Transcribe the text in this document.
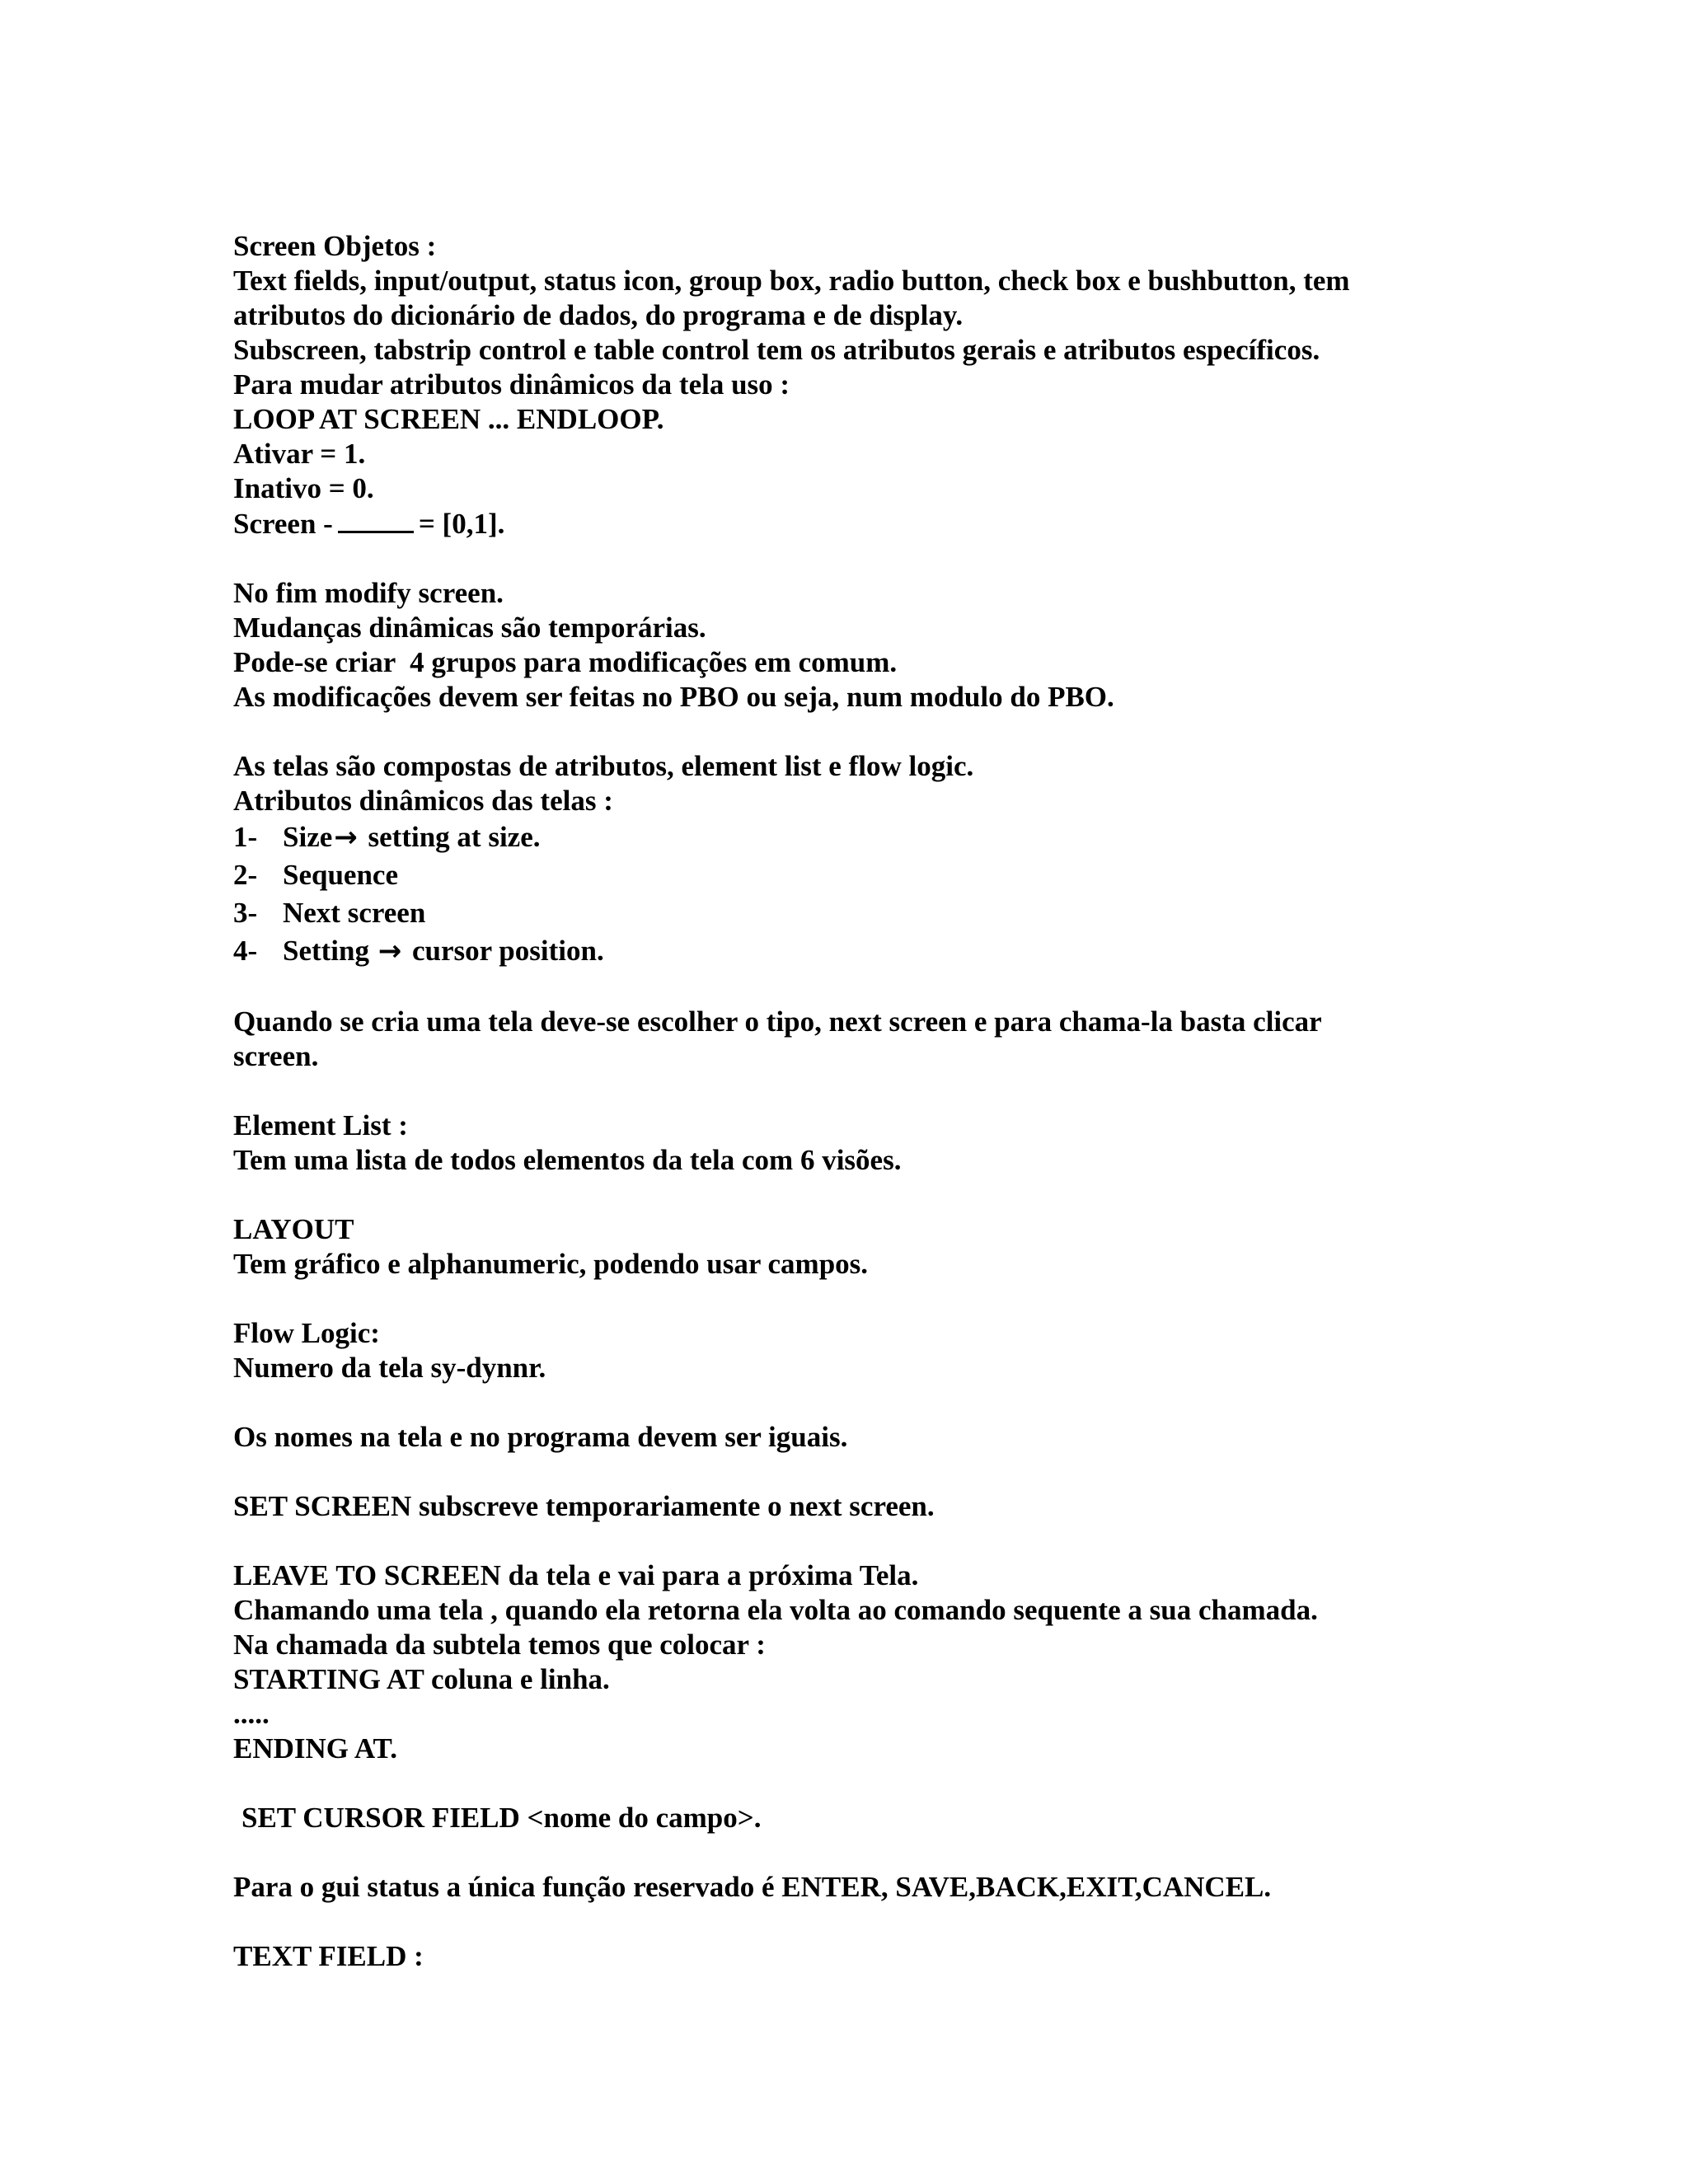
Screen Objetos :
Text fields, input/output, status icon, group box, radio button, check box e bushbutton, tem
atributos do dicionário de dados, do programa e de display.
Subscreen, tabstrip control e table control tem os atributos gerais e atributos específicos.
Para mudar atributos dinâmicos da tela uso :
LOOP AT SCREEN ... ENDLOOP.
Ativar = 1.
Inativo = 0.
Screen -	= [0,1].
No fim modify screen.
Mudanças dinâmicas são temporárias.
Pode-se criar  4 grupos para modificações em comum.
As modificações devem ser feitas no PBO ou seja, num modulo do PBO.
As telas são compostas de atributos, element list e flow logic.
Atributos dinâmicos das telas :
1- Size→ setting at size.
2- Sequence
3- Next screen
4- Setting → cursor position.
Quando se cria uma tela deve-se escolher o tipo, next screen e para chama-la basta clicar
screen.
Element List :
Tem uma lista de todos elementos da tela com 6 visões.
LAYOUT
Tem gráfico e alphanumeric, podendo usar campos.
Flow Logic:
Numero da tela sy-dynnr.
Os nomes na tela e no programa devem ser iguais.
SET SCREEN subscreve temporariamente o next screen.
LEAVE TO SCREEN da tela e vai para a próxima Tela.
Chamando uma tela , quando ela retorna ela volta ao comando sequente a sua chamada.
Na chamada da subtela temos que colocar :
STARTING AT coluna e linha.
.....
ENDING AT.
SET CURSOR FIELD <nome do campo>.
Para o gui status a única função reservado é ENTER, SAVE,BACK,EXIT,CANCEL.
TEXT FIELD :
